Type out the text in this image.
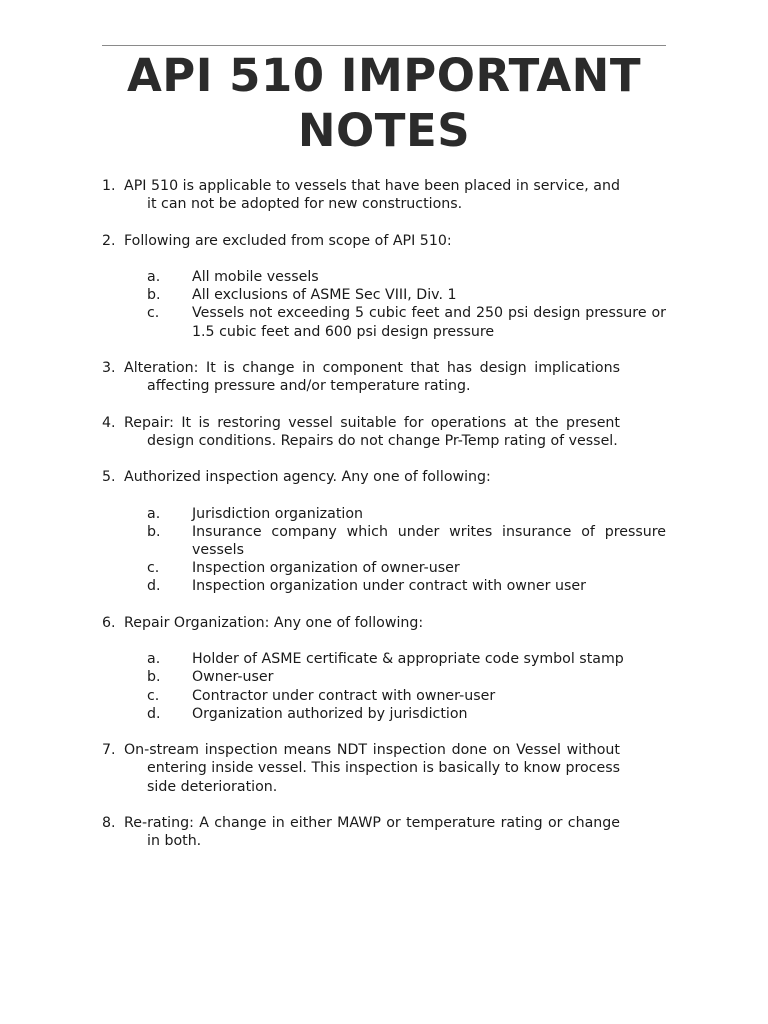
API 510 IMPORTANT NOTES
1. API 510 is applicable to vessels that have been placed in service, and it can not be adopted for new constructions.
2. Following are excluded from scope of API 510:
a. All mobile vessels
b. All exclusions of ASME Sec VIII, Div. 1
c. Vessels not exceeding 5 cubic feet and 250 psi design pressure or 1.5 cubic feet and 600 psi design pressure
3. Alteration: It is change in component that has design implications affecting pressure and/or temperature rating.
4. Repair: It is restoring vessel suitable for operations at the present design conditions. Repairs do not change Pr-Temp rating of vessel.
5. Authorized inspection agency. Any one of following:
a. Jurisdiction organization
b. Insurance company which under writes insurance of pressure vessels
c. Inspection organization of owner-user
d. Inspection organization under contract with owner user
6. Repair Organization: Any one of following:
a. Holder of ASME certificate & appropriate code symbol stamp
b. Owner-user
c. Contractor under contract with owner-user
d. Organization authorized by jurisdiction
7. On-stream inspection means NDT inspection done on Vessel without entering inside vessel. This inspection is basically to know process side deterioration.
8. Re-rating: A change in either MAWP or temperature rating or change in both.
